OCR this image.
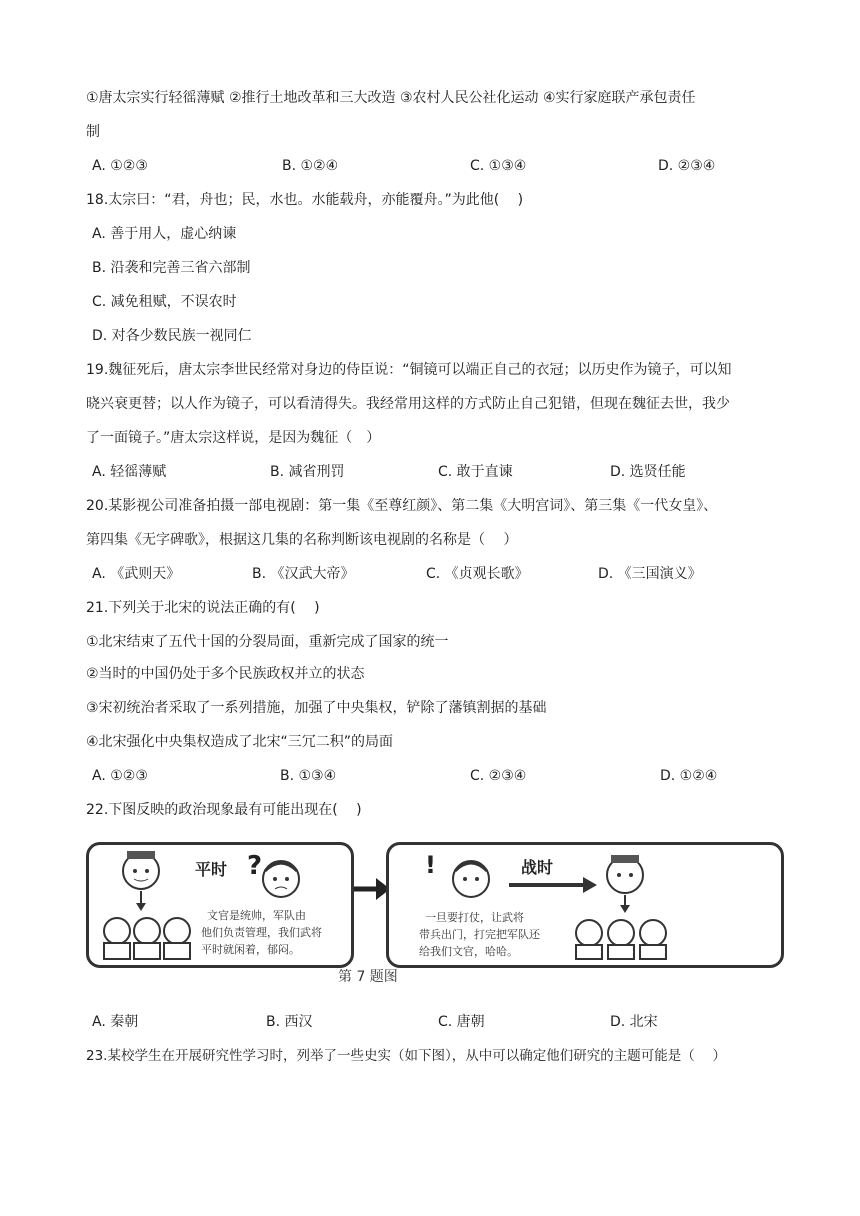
①唐太宗实行轻徭薄赋 ②推行土地改革和三大改造 ③农村人民公社化运动 ④实行家庭联产承包责任
制
A. ①②③	B. ①②④	C. ①③④	D. ②③④
18.太宗曰：“君，舟也；民，水也。水能载舟，亦能覆舟。”为此他(　 )
A. 善于用人，虚心纳谏
B. 沿袭和完善三省六部制
C. 减免租赋，不误农时
D. 对各少数民族一视同仁
19.魏征死后，唐太宗李世民经常对身边的侍臣说：“铜镜可以端正自己的衣冠；以历史作为镜子，可以知
晓兴衰更替；以人作为镜子，可以看清得失。我经常用这样的方式防止自己犯错，但现在魏征去世，我少
了一面镜子。”唐太宗这样说，是因为魏征（　）
A. 轻徭薄赋	B. 减省刑罚	C. 敢于直谏	D. 选贤任能
20.某影视公司准备拍摄一部电视剧：第一集《至尊红颜》、第二集《大明宫词》、第三集《一代女皇》、
第四集《无字碑歌》，根据这几集的名称判断该电视剧的名称是（　 ）
A. 《武则天》	B. 《汉武大帝》	C. 《贞观长歌》	D. 《三国演义》
21.下列关于北宋的说法正确的有(　 )
①北宋结束了五代十国的分裂局面，重新完成了国家的统一
②当时的中国仍处于多个民族政权并立的状态
③宋初统治者采取了一系列措施，加强了中央集权，铲除了藩镇割据的基础
④北宋强化中央集权造成了北宋“三冗二积”的局面
A. ①②③	B. ①③④	C. ②③④	D. ①②④
22.下图反映的政治现象最有可能出现在(　 )
平时 ?
文官是统帅，军队由
他们负责管理，我们武将
平时就闲着，郁闷。
!	战时
一旦要打仗，让武将
带兵出门，打完把军队还
给我们文官，哈哈。
第 7 题图
A. 秦朝	B. 西汉	C. 唐朝	D. 北宋
23.某校学生在开展研究性学习时，列举了一些史实（如下图），从中可以确定他们研究的主题可能是（　 ）
